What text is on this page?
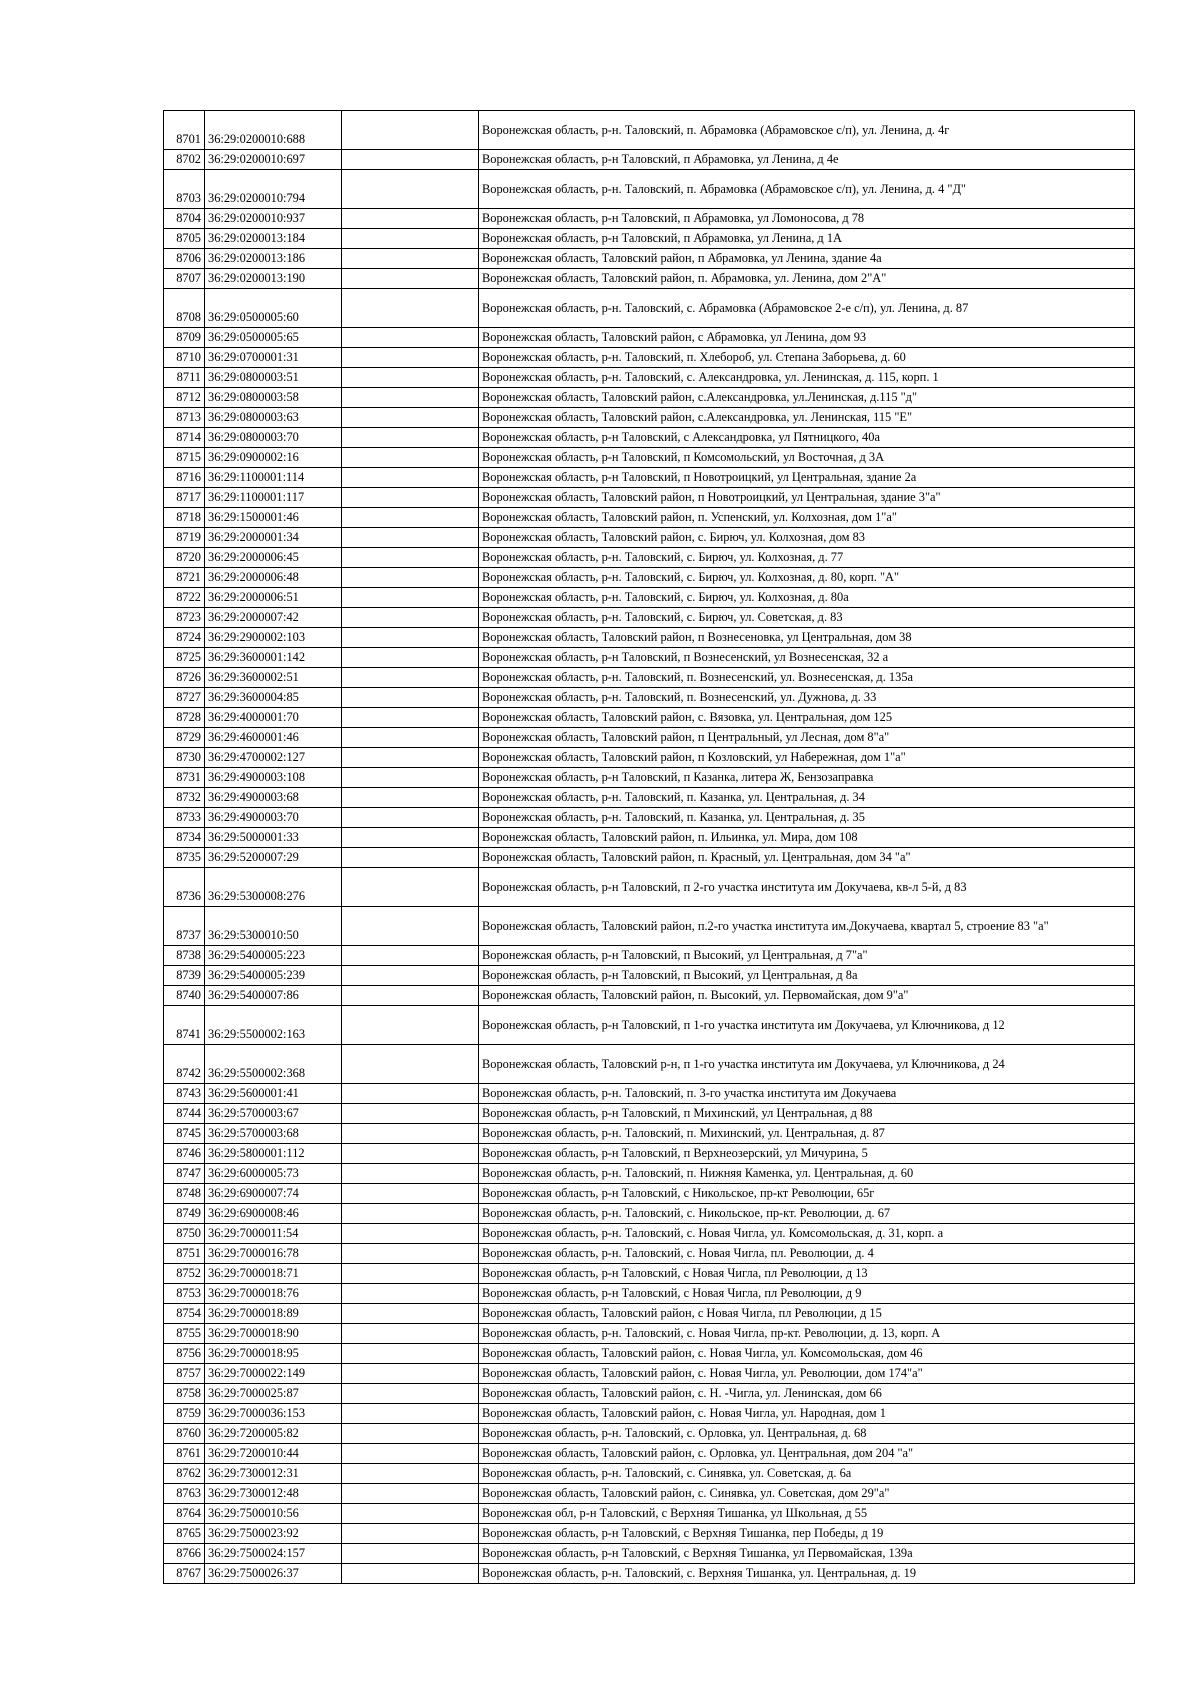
8701	36:29:0200010:688		Воронежская область, р-н. Таловский, п. Абрамовка (Абрамовское с/п), ул. Ленина, д. 4г
8702	36:29:0200010:697		Воронежская область, р-н Таловский, п Абрамовка, ул Ленина, д 4е
8703	36:29:0200010:794		Воронежская область, р-н. Таловский, п. Абрамовка (Абрамовское с/п), ул. Ленина, д. 4 "Д"
8704	36:29:0200010:937		Воронежская область, р-н Таловский, п Абрамовка, ул Ломоносова, д 78
8705	36:29:0200013:184		Воронежская область, р-н Таловский, п Абрамовка, ул Ленина, д 1А
8706	36:29:0200013:186		Воронежская область, Таловский район, п Абрамовка, ул Ленина, здание 4а
8707	36:29:0200013:190		Воронежская область, Таловский район, п. Абрамовка, ул. Ленина, дом 2"А"
8708	36:29:0500005:60		Воронежская область, р-н. Таловский, с. Абрамовка (Абрамовское 2-е с/п), ул. Ленина, д. 87
8709	36:29:0500005:65		Воронежская область, Таловский район, с Абрамовка, ул Ленина, дом 93
8710	36:29:0700001:31		Воронежская область, р-н. Таловский, п. Хлебороб, ул. Степана Заборьева, д. 60
8711	36:29:0800003:51		Воронежская область, р-н. Таловский, с. Александровка, ул. Ленинская, д. 115, корп. 1
8712	36:29:0800003:58		Воронежская область, Таловский район, с.Александровка, ул.Ленинская, д.115 "д"
8713	36:29:0800003:63		Воронежская область, Таловский район, с.Александровка, ул. Ленинская, 115 "Е"
8714	36:29:0800003:70		Воронежская область, р-н Таловский, с Александровка, ул Пятницкого, 40а
8715	36:29:0900002:16		Воронежская область, р-н Таловский, п Комсомольский, ул Восточная, д 3А
8716	36:29:1100001:114		Воронежская область, р-н Таловский, п Новотроицкий, ул Центральная, здание 2а
8717	36:29:1100001:117		Воронежская область, Таловский район, п Новотроицкий, ул Центральная, здание 3"а"
8718	36:29:1500001:46		Воронежская область, Таловский район, п. Успенский, ул. Колхозная, дом 1"а"
8719	36:29:2000001:34		Воронежская область, Таловский район, с. Бирюч, ул. Колхозная, дом 83
8720	36:29:2000006:45		Воронежская область, р-н. Таловский, с. Бирюч, ул. Колхозная, д. 77
8721	36:29:2000006:48		Воронежская область, р-н. Таловский, с. Бирюч, ул. Колхозная, д. 80, корп. "А"
8722	36:29:2000006:51		Воронежская область, р-н. Таловский, с. Бирюч, ул. Колхозная, д. 80а
8723	36:29:2000007:42		Воронежская область, р-н. Таловский, с. Бирюч, ул. Советская, д. 83
8724	36:29:2900002:103		Воронежская область, Таловский район, п Вознесеновка, ул Центральная, дом 38
8725	36:29:3600001:142		Воронежская область, р-н Таловский, п Вознесенский, ул Вознесенская, 32 а
8726	36:29:3600002:51		Воронежская область, р-н. Таловский, п. Вознесенский, ул. Вознесенская, д. 135а
8727	36:29:3600004:85		Воронежская область, р-н. Таловский, п. Вознесенский, ул. Дужнова, д. 33
8728	36:29:4000001:70		Воронежская область, Таловский район, с. Вязовка, ул. Центральная, дом 125
8729	36:29:4600001:46		Воронежская область, Таловский район, п Центральный, ул Лесная, дом 8"а"
8730	36:29:4700002:127		Воронежская область, Таловский район, п Козловский, ул Набережная, дом 1"а"
8731	36:29:4900003:108		Воронежская область, р-н Таловский, п Казанка, литера Ж, Бензозаправка
8732	36:29:4900003:68		Воронежская область, р-н. Таловский, п. Казанка, ул. Центральная, д. 34
8733	36:29:4900003:70		Воронежская область, р-н. Таловский, п. Казанка, ул. Центральная, д. 35
8734	36:29:5000001:33		Воронежская область, Таловский район, п. Ильинка, ул. Мира, дом 108
8735	36:29:5200007:29		Воронежская область, Таловский район, п. Красный, ул. Центральная, дом 34 "а"
8736	36:29:5300008:276		Воронежская область, р-н Таловский, п 2-го участка института им Докучаева, кв-л 5-й, д 83
8737	36:29:5300010:50		Воронежская область, Таловский район, п.2-го участка института им.Докучаева, квартал 5, строение 83 "а"
8738	36:29:5400005:223		Воронежская область, р-н Таловский, п Высокий, ул Центральная, д 7"а"
8739	36:29:5400005:239		Воронежская область, р-н Таловский, п Высокий, ул Центральная, д 8а
8740	36:29:5400007:86		Воронежская область, Таловский район, п. Высокий, ул. Первомайская, дом 9"а"
8741	36:29:5500002:163		Воронежская область, р-н Таловский, п 1-го участка института им Докучаева, ул Ключникова, д 12
8742	36:29:5500002:368		Воронежская область, Таловский р-н, п 1-го участка института им Докучаева, ул Ключникова, д 24
8743	36:29:5600001:41		Воронежская область, р-н. Таловский, п. 3-го участка института им Докучаева
8744	36:29:5700003:67		Воронежская область, р-н Таловский, п Михинский, ул Центральная, д 88
8745	36:29:5700003:68		Воронежская область, р-н. Таловский, п. Михинский, ул. Центральная, д. 87
8746	36:29:5800001:112		Воронежская область, р-н Таловский, п Верхнеозерский, ул Мичурина, 5
8747	36:29:6000005:73		Воронежская область, р-н. Таловский, п. Нижняя Каменка, ул. Центральная, д. 60
8748	36:29:6900007:74		Воронежская область, р-н Таловский, с Никольское, пр-кт Революции, 65г
8749	36:29:6900008:46		Воронежская область, р-н. Таловский, с. Никольское, пр-кт. Революции, д. 67
8750	36:29:7000011:54		Воронежская область, р-н. Таловский, с. Новая Чигла, ул. Комсомольская, д. 31, корп. а
8751	36:29:7000016:78		Воронежская область, р-н. Таловский, с. Новая Чигла, пл. Революции, д. 4
8752	36:29:7000018:71		Воронежская область, р-н Таловский, с Новая Чигла, пл Революции, д 13
8753	36:29:7000018:76		Воронежская область, р-н Таловский, с Новая Чигла, пл Революции, д 9
8754	36:29:7000018:89		Воронежская область, Таловский район, с Новая Чигла, пл Революции, д 15
8755	36:29:7000018:90		Воронежская область, р-н. Таловский, с. Новая Чигла, пр-кт. Революции, д. 13, корп. А
8756	36:29:7000018:95		Воронежская область, Таловский район, с. Новая Чигла, ул. Комсомольская, дом 46
8757	36:29:7000022:149		Воронежская область, Таловский район, с. Новая Чигла, ул. Революции, дом 174"а"
8758	36:29:7000025:87		Воронежская область, Таловский район, с. Н. -Чигла, ул. Ленинская, дом 66
8759	36:29:7000036:153		Воронежская область, Таловский район, с. Новая Чигла, ул. Народная, дом 1
8760	36:29:7200005:82		Воронежская область, р-н. Таловский, с. Орловка, ул. Центральная, д. 68
8761	36:29:7200010:44		Воронежская область, Таловский район, с. Орловка, ул. Центральная, дом 204 "а"
8762	36:29:7300012:31		Воронежская область, р-н. Таловский, с. Синявка, ул. Советская, д. 6а
8763	36:29:7300012:48		Воронежская область, Таловский район, с. Синявка, ул. Советская, дом 29"а"
8764	36:29:7500010:56		Воронежская обл, р-н Таловский, с Верхняя Тишанка, ул Школьная, д 55
8765	36:29:7500023:92		Воронежская область, р-н Таловский, с Верхняя Тишанка, пер Победы, д 19
8766	36:29:7500024:157		Воронежская область, р-н Таловский, с Верхняя Тишанка, ул Первомайская, 139а
8767	36:29:7500026:37		Воронежская область, р-н. Таловский, с. Верхняя Тишанка, ул. Центральная, д. 19
